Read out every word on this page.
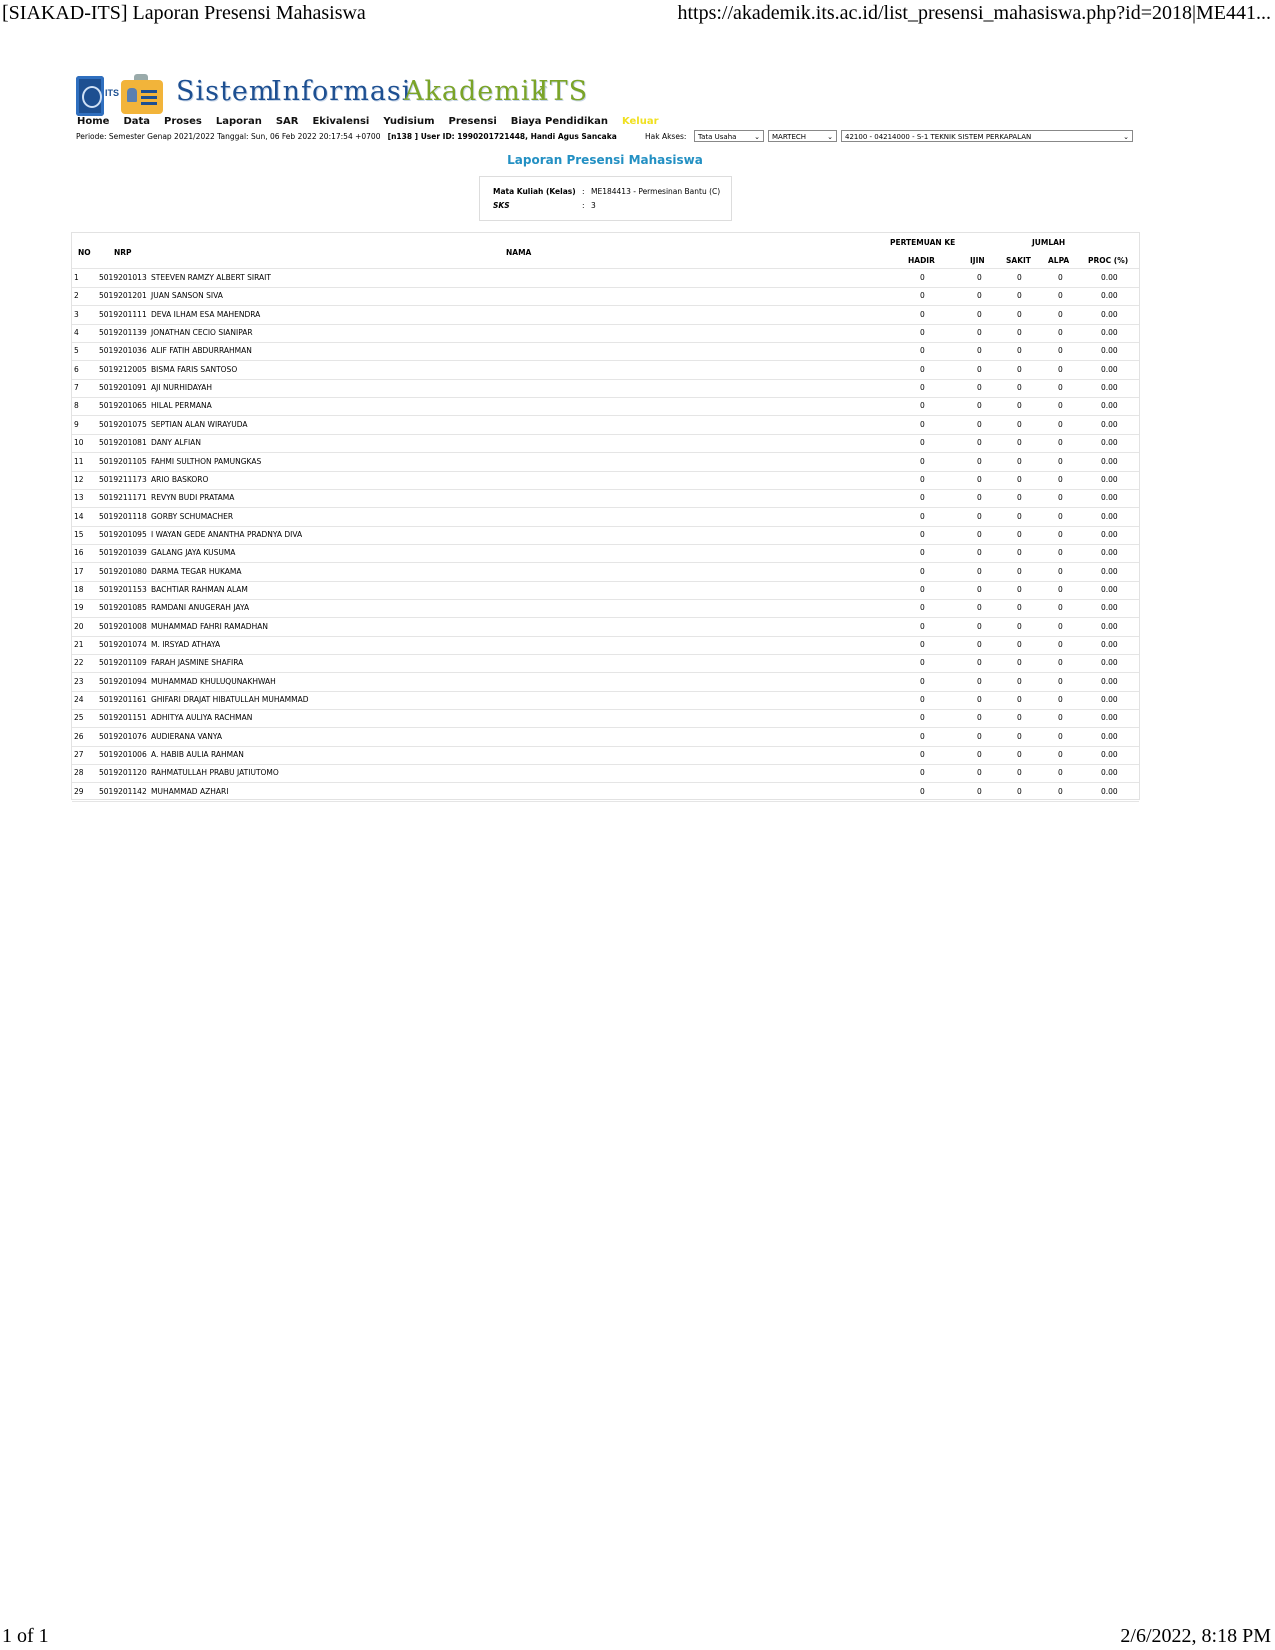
[SIAKAD-ITS] Laporan Presensi Mahasiswa	https://akademik.its.ac.id/list_presensi_mahasiswa.php?id=2018|ME441...
1 of 1	2/6/2022, 8:18 PM
ITS Sistem
Informasi
Akademik
ITS
Home Data Proses Laporan SAR Ekivalensi Yudisium Presensi Biaya Pendidikan Keluar
Periode: Semester Genap 2021/2022 Tanggal: Sun, 06 Feb 2022 20:17:54 +0700 [n138 ] User ID: 1990201721448, Handi Agus Sancaka	Hak Akses:	Tata Usaha	⌄	MARTECH	⌄	42100 - 04214000 - S-1 TEKNIK SISTEM PERKAPALAN	⌄
Laporan Presensi Mahasiswa
Mata Kuliah (Kelas) : ME184413 - Permesinan Bantu (C)
SKS	: 3
NO	NRP	NAMA
PERTEMUAN KE	JUMLAH
HADIR	IJIN	SAKIT ALPA	PROC (%)
1	5019201013 STEEVEN RAMZY ALBERT SIRAIT	0	0	0	0	0.00
2	5019201201 JUAN SANSON SIVA	0	0	0	0	0.00
3	5019201111 DEVA ILHAM ESA MAHENDRA	0	0	0	0	0.00
4	5019201139 JONATHAN CECIO SIANIPAR	0	0	0	0	0.00
5	5019201036 ALIF FATIH ABDURRAHMAN	0	0	0	0	0.00
6	5019212005 BISMA FARIS SANTOSO	0	0	0	0	0.00
7	5019201091 AJI NURHIDAYAH	0	0	0	0	0.00
8	5019201065 HILAL PERMANA	0	0	0	0	0.00
9	5019201075 SEPTIAN ALAN WIRAYUDA	0	0	0	0	0.00
10 5019201081 DANY ALFIAN	0	0	0	0	0.00
11 5019201105 FAHMI SULTHON PAMUNGKAS	0	0	0	0	0.00
12 5019211173 ARIO BASKORO	0	0	0	0	0.00
13 5019211171 REVYN BUDI PRATAMA	0	0	0	0	0.00
14 5019201118 GORBY SCHUMACHER	0	0	0	0	0.00
15 5019201095 I WAYAN GEDE ANANTHA PRADNYA DIVA	0	0	0	0	0.00
16 5019201039 GALANG JAYA KUSUMA	0	0	0	0	0.00
17 5019201080 DARMA TEGAR HUKAMA	0	0	0	0	0.00
18 5019201153 BACHTIAR RAHMAN ALAM	0	0	0	0	0.00
19 5019201085 RAMDANI ANUGERAH JAYA	0	0	0	0	0.00
20 5019201008 MUHAMMAD FAHRI RAMADHAN	0	0	0	0	0.00
21 5019201074 M. IRSYAD ATHAYA	0	0	0	0	0.00
22 5019201109 FARAH JASMINE SHAFIRA	0	0	0	0	0.00
23 5019201094 MUHAMMAD KHULUQUNAKHWAH	0	0	0	0	0.00
24 5019201161 GHIFARI DRAJAT HIBATULLAH MUHAMMAD	0	0	0	0	0.00
25 5019201151 ADHITYA AULIYA RACHMAN	0	0	0	0	0.00
26 5019201076 AUDIERANA VANYA	0	0	0	0	0.00
27 5019201006 A. HABIB AULIA RAHMAN	0	0	0	0	0.00
28 5019201120 RAHMATULLAH PRABU JATIUTOMO	0	0	0	0	0.00
29 5019201142 MUHAMMAD AZHARI	0	0	0	0	0.00
